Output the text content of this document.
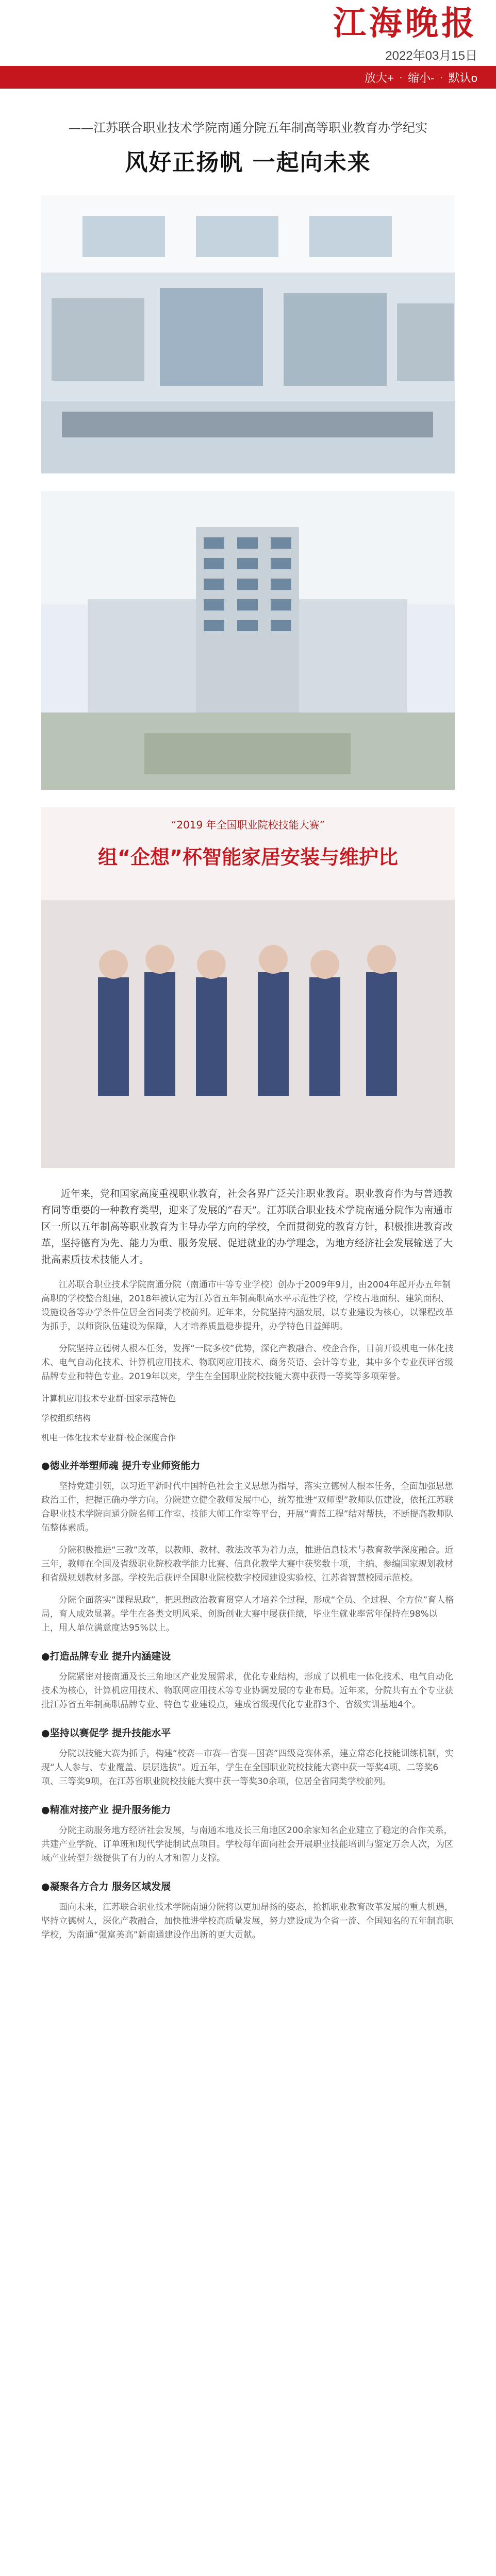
江海晚报
2022年03月15日
放大+ · 缩小- · 默认o
——江苏联合职业技术学院南通分院五年制高等职业教育办学纪实
风好正扬帆 一起向未来
“2019 年全国职业院校技能大赛”
组“企想”杯智能家居安装与维护比

近年来，党和国家高度重视职业教育，社会各界广泛关注职业教育。职业教育作为与普通教育同等重要的一种教育类型，迎来了发展的“春天”。江苏联合职业技术学院南通分院作为南通市区一所以五年制高等职业教育为主导办学方向的学校，全面贯彻党的教育方针，积极推进教育改革，坚持德育为先、能力为重、服务发展、促进就业的办学理念，为地方经济社会发展输送了大批高素质技术技能人才。

江苏联合职业技术学院南通分院（南通市中等专业学校）创办于2009年9月，由2004年起开办五年制高职的学校整合组建，2018年被认定为江苏省五年制高职高水平示范性学校，学校占地面积、建筑面积、设施设备等办学条件位居全省同类学校前列。近年来，分院坚持内涵发展，以专业建设为核心，以课程改革为抓手，以师资队伍建设为保障，人才培养质量稳步提升，办学特色日益鲜明。

分院坚持立德树人根本任务，发挥“一院多校”优势，深化产教融合、校企合作，目前开设机电一体化技术、电气自动化技术、计算机应用技术、物联网应用技术、商务英语、会计等专业，其中多个专业获评省级品牌专业和特色专业。2019年以来，学生在全国职业院校技能大赛中获得一等奖等多项荣誉。

计算机应用技术专业群·国家示范特色

学校组织结构

机电一体化技术专业群·校企深度合作

●德业并举塑师魂 提升专业师资能力

坚持党建引领，以习近平新时代中国特色社会主义思想为指导，落实立德树人根本任务，全面加强思想政治工作，把握正确办学方向。分院建立健全教师发展中心，统筹推进“双师型”教师队伍建设，依托江苏联合职业技术学院南通分院名师工作室、技能大师工作室等平台，开展“青蓝工程”结对帮扶，不断提高教师队伍整体素质。

分院积极推进“三教”改革，以教师、教材、教法改革为着力点，推进信息技术与教育教学深度融合。近三年，教师在全国及省级职业院校教学能力比赛、信息化教学大赛中获奖数十项，主编、参编国家规划教材和省级规划教材多部。学校先后获评全国职业院校数字校园建设实验校、江苏省智慧校园示范校。

分院全面落实“课程思政”，把思想政治教育贯穿人才培养全过程，形成“全员、全过程、全方位”育人格局，育人成效显著。学生在各类文明风采、创新创业大赛中屡获佳绩，毕业生就业率常年保持在98%以上，用人单位满意度达95%以上。

●打造品牌专业 提升内涵建设

分院紧密对接南通及长三角地区产业发展需求，优化专业结构，形成了以机电一体化技术、电气自动化技术为核心，计算机应用技术、物联网应用技术等专业协调发展的专业布局。近年来，分院共有五个专业获批江苏省五年制高职品牌专业、特色专业建设点，建成省级现代化专业群3个、省级实训基地4个。

●坚持以赛促学 提升技能水平

分院以技能大赛为抓手，构建“校赛—市赛—省赛—国赛”四级竞赛体系，建立常态化技能训练机制，实现“人人参与、专业覆盖、层层选拔”。近五年，学生在全国职业院校技能大赛中获一等奖4项、二等奖6项、三等奖9项，在江苏省职业院校技能大赛中获一等奖30余项，位居全省同类学校前列。

●精准对接产业 提升服务能力

分院主动服务地方经济社会发展，与南通本地及长三角地区200余家知名企业建立了稳定的合作关系，共建产业学院、订单班和现代学徒制试点项目。学校每年面向社会开展职业技能培训与鉴定万余人次，为区域产业转型升级提供了有力的人才和智力支撑。

●凝聚各方合力 服务区域发展

面向未来，江苏联合职业技术学院南通分院将以更加昂扬的姿态，抢抓职业教育改革发展的重大机遇，坚持立德树人，深化产教融合，加快推进学校高质量发展，努力建设成为全省一流、全国知名的五年制高职学校，为南通“强富美高”新南通建设作出新的更大贡献。
